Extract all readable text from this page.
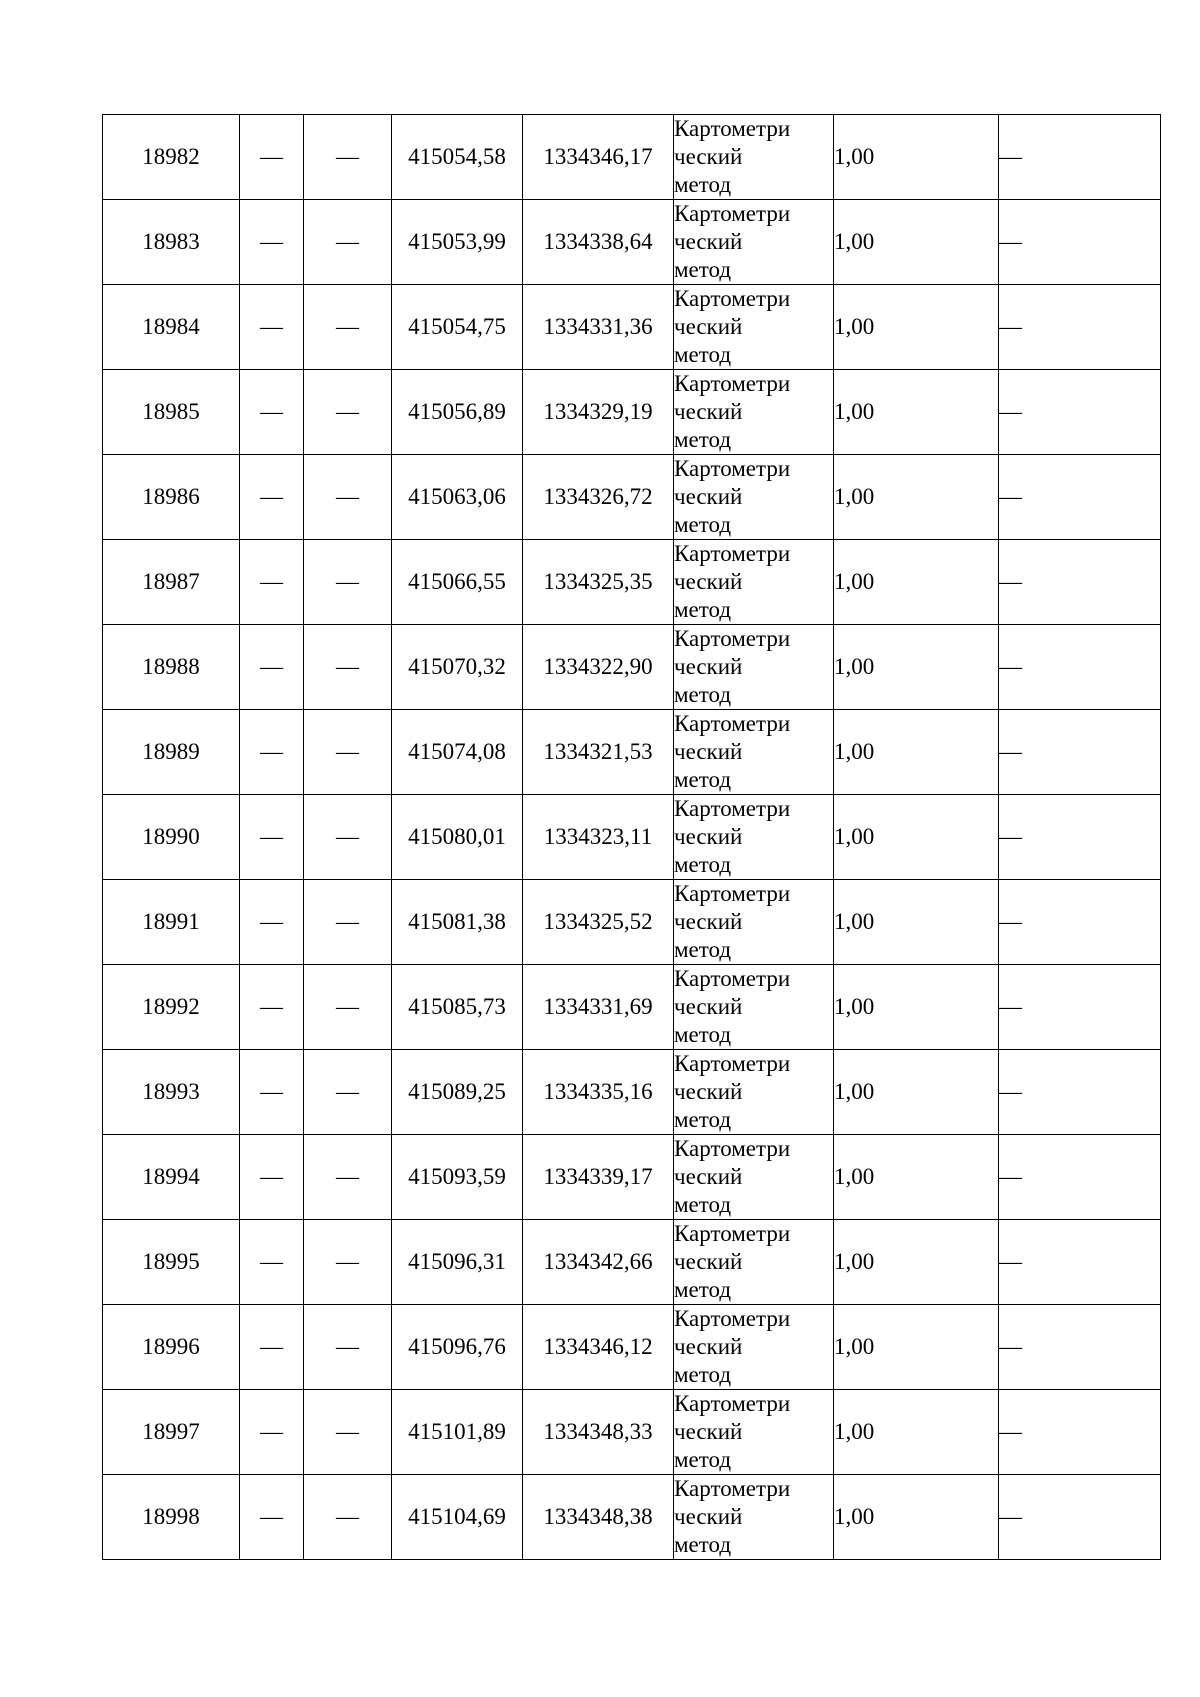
18982	—	—	415054,58	1334346,17	Картометри
ческий
метод	1,00	—
18983	—	—	415053,99	1334338,64	Картометри
ческий
метод	1,00	—
18984	—	—	415054,75	1334331,36	Картометри
ческий
метод	1,00	—
18985	—	—	415056,89	1334329,19	Картометри
ческий
метод	1,00	—
18986	—	—	415063,06	1334326,72	Картометри
ческий
метод	1,00	—
18987	—	—	415066,55	1334325,35	Картометри
ческий
метод	1,00	—
18988	—	—	415070,32	1334322,90	Картометри
ческий
метод	1,00	—
18989	—	—	415074,08	1334321,53	Картометри
ческий
метод	1,00	—
18990	—	—	415080,01	1334323,11	Картометри
ческий
метод	1,00	—
18991	—	—	415081,38	1334325,52	Картометри
ческий
метод	1,00	—
18992	—	—	415085,73	1334331,69	Картометри
ческий
метод	1,00	—
18993	—	—	415089,25	1334335,16	Картометри
ческий
метод	1,00	—
18994	—	—	415093,59	1334339,17	Картометри
ческий
метод	1,00	—
18995	—	—	415096,31	1334342,66	Картометри
ческий
метод	1,00	—
18996	—	—	415096,76	1334346,12	Картометри
ческий
метод	1,00	—
18997	—	—	415101,89	1334348,33	Картометри
ческий
метод	1,00	—
18998	—	—	415104,69	1334348,38	Картометри
ческий
метод	1,00	—
